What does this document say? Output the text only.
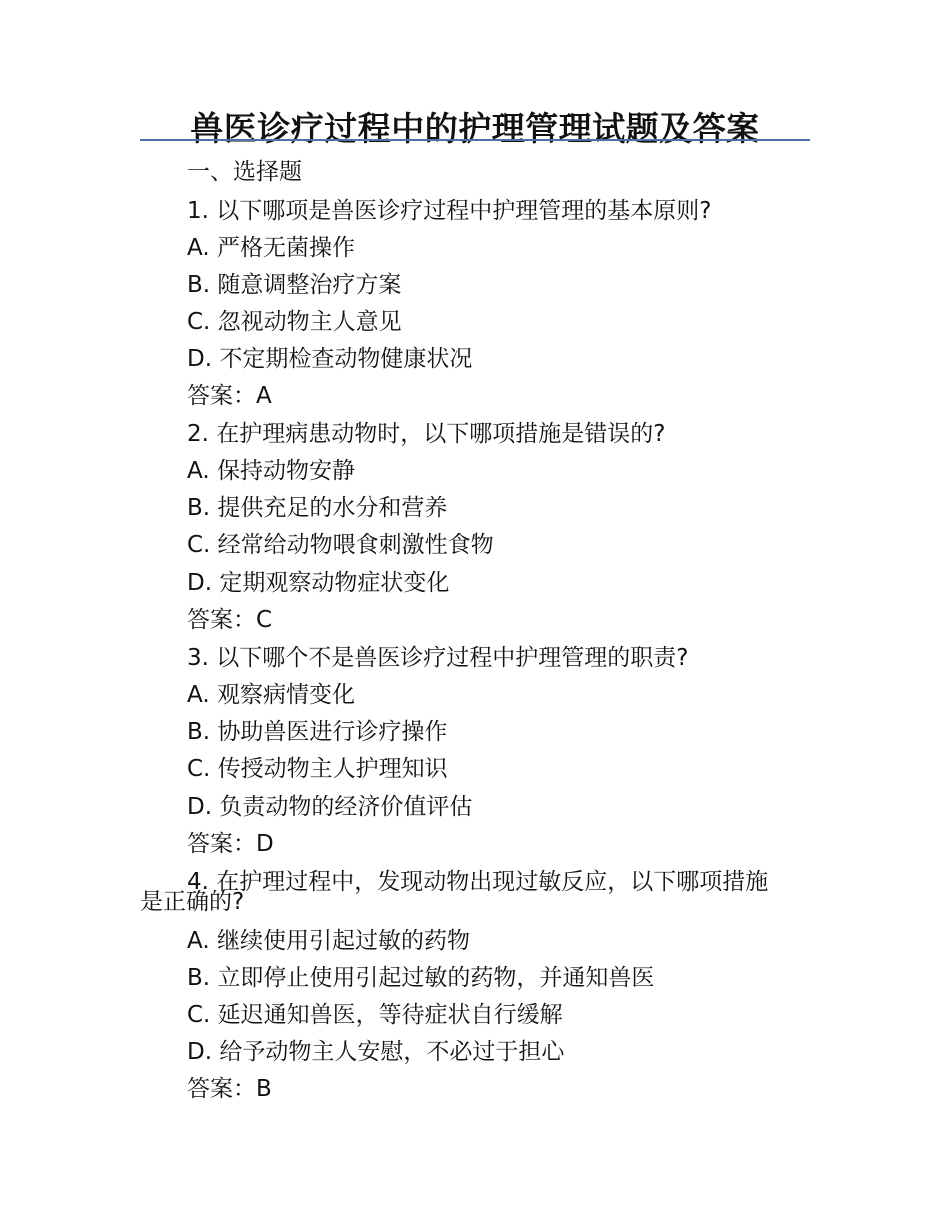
兽医诊疗过程中的护理管理试题及答案
一、选择题
1. 以下哪项是兽医诊疗过程中护理管理的基本原则?
A. 严格无菌操作
B. 随意调整治疗方案
C. 忽视动物主人意见
D. 不定期检查动物健康状况
答案：A
2. 在护理病患动物时，以下哪项措施是错误的?
A. 保持动物安静
B. 提供充足的水分和营养
C. 经常给动物喂食刺激性食物
D. 定期观察动物症状变化
答案：C
3. 以下哪个不是兽医诊疗过程中护理管理的职责?
A. 观察病情变化
B. 协助兽医进行诊疗操作
C. 传授动物主人护理知识
D. 负责动物的经济价值评估
答案：D
4. 在护理过程中，发现动物出现过敏反应，以下哪项措施
是正确的?
A. 继续使用引起过敏的药物
B. 立即停止使用引起过敏的药物，并通知兽医
C. 延迟通知兽医，等待症状自行缓解
D. 给予动物主人安慰，不必过于担心
答案：B
